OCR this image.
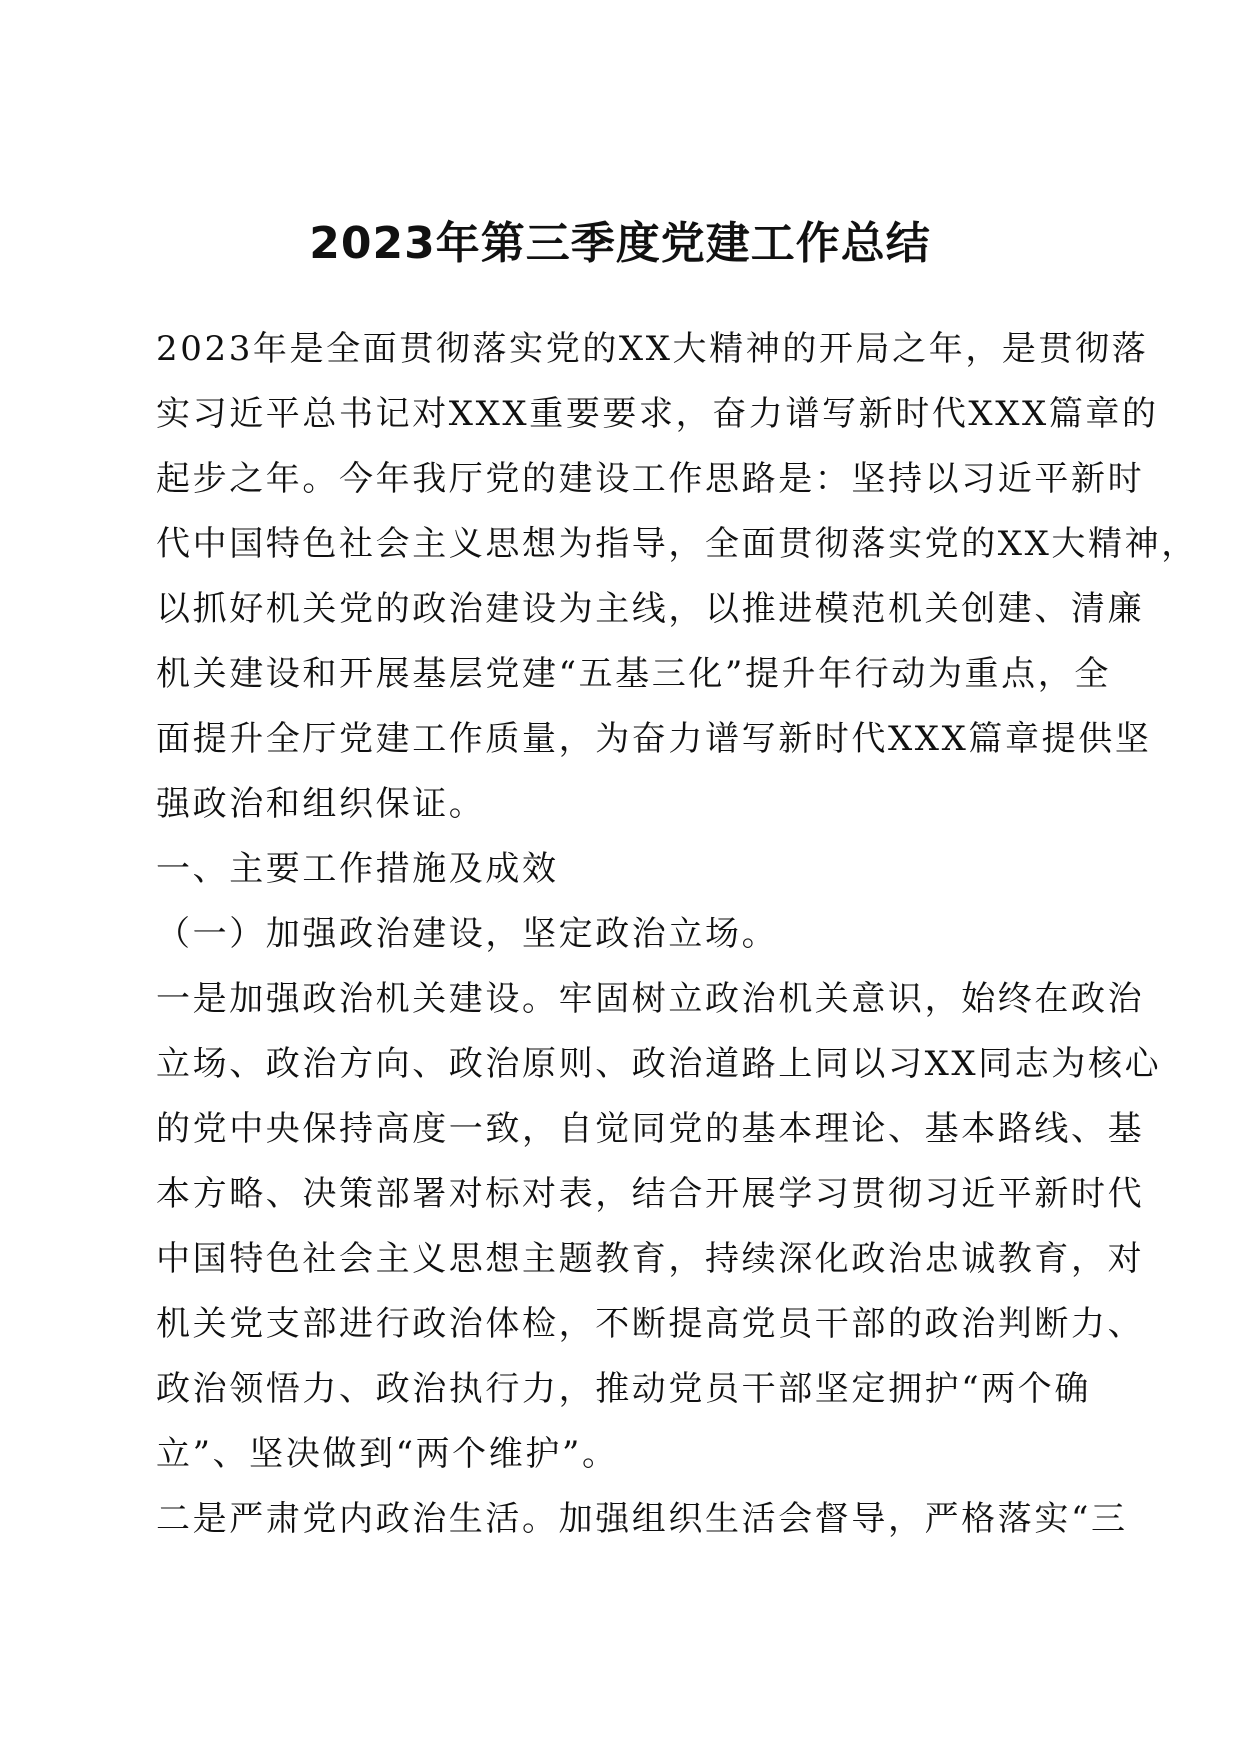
2023年第三季度党建工作总结
2023年是全面贯彻落实党的XX大精神的开局之年，是贯彻落
实习近平总书记对XXX重要要求，奋力谱写新时代XXX篇章的
起步之年。今年我厅党的建设工作思路是：坚持以习近平新时
代中国特色社会主义思想为指导，全面贯彻落实党的XX大精神，
以抓好机关党的政治建设为主线，以推进模范机关创建、清廉
机关建设和开展基层党建“五基三化”提升年行动为重点，全
面提升全厅党建工作质量，为奋力谱写新时代XXX篇章提供坚
强政治和组织保证。
一、主要工作措施及成效
（一）加强政治建设，坚定政治立场。
一是加强政治机关建设。牢固树立政治机关意识，始终在政治
立场、政治方向、政治原则、政治道路上同以习XX同志为核心
的党中央保持高度一致，自觉同党的基本理论、基本路线、基
本方略、决策部署对标对表，结合开展学习贯彻习近平新时代
中国特色社会主义思想主题教育，持续深化政治忠诚教育，对
机关党支部进行政治体检，不断提高党员干部的政治判断力、
政治领悟力、政治执行力，推动党员干部坚定拥护“两个确
立”、坚决做到“两个维护”。
二是严肃党内政治生活。加强组织生活会督导，严格落实“三
